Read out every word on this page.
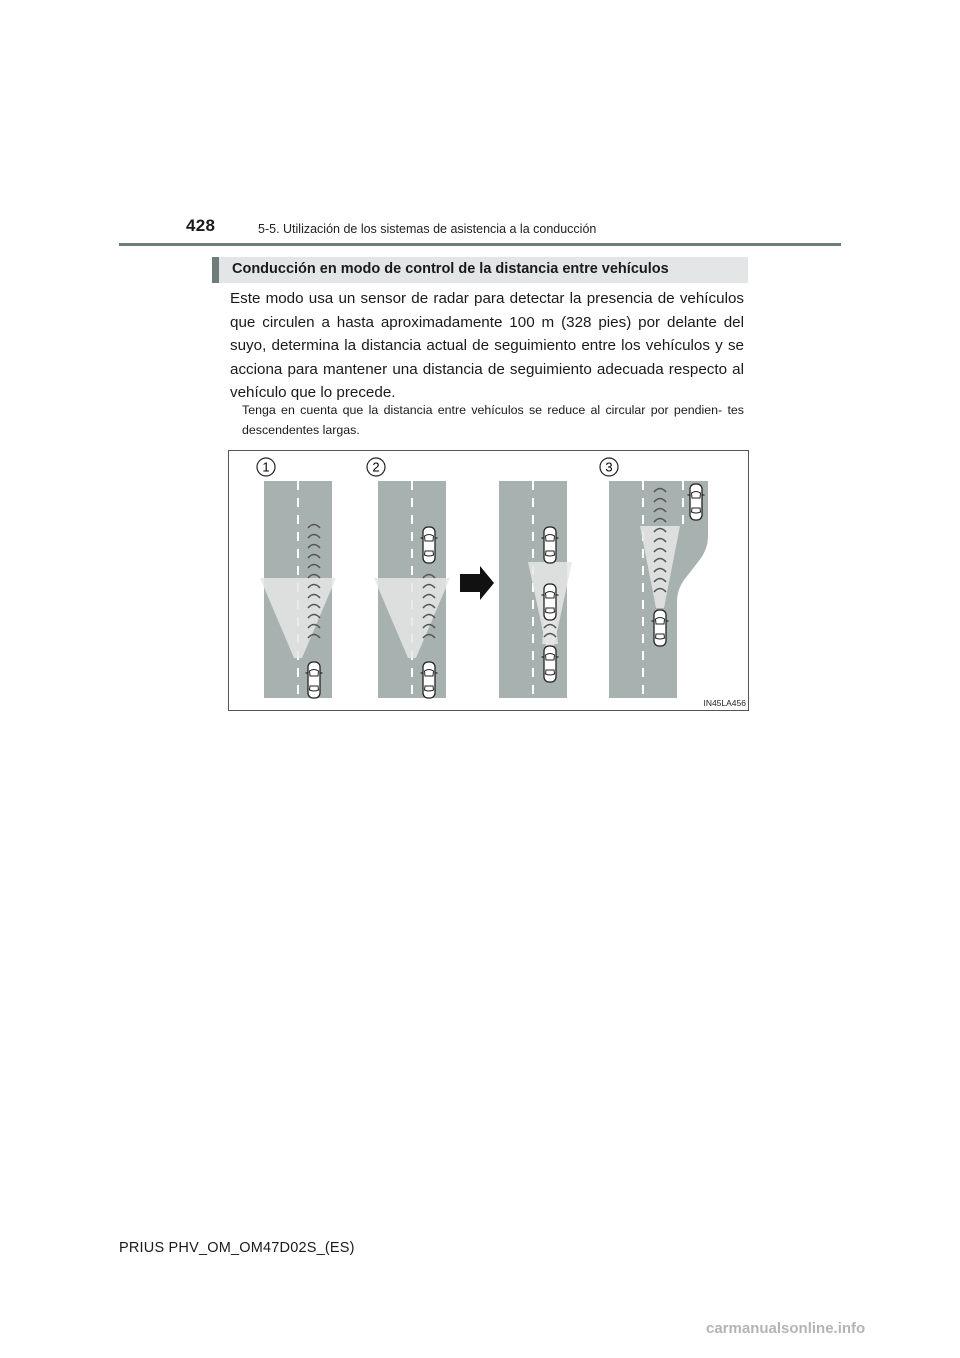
428	5-5. Utilización de los sistemas de asistencia a la conducción
Conducción en modo de control de la distancia entre vehículos
Este modo usa un sensor de radar para detectar la presencia de vehículos que circulen a hasta aproximadamente 100 m (328 pies) por delante del suyo, determina la distancia actual de seguimiento entre los vehículos y se acciona para mantener una distancia de seguimiento adecuada respecto al vehículo que lo precede.
Tenga en cuenta que la distancia entre vehículos se reduce al circular por pendien- tes descendentes largas.
1	2	3
IN45LA456
PRIUS PHV_OM_OM47D02S_(ES)
carmanualsonline.info
